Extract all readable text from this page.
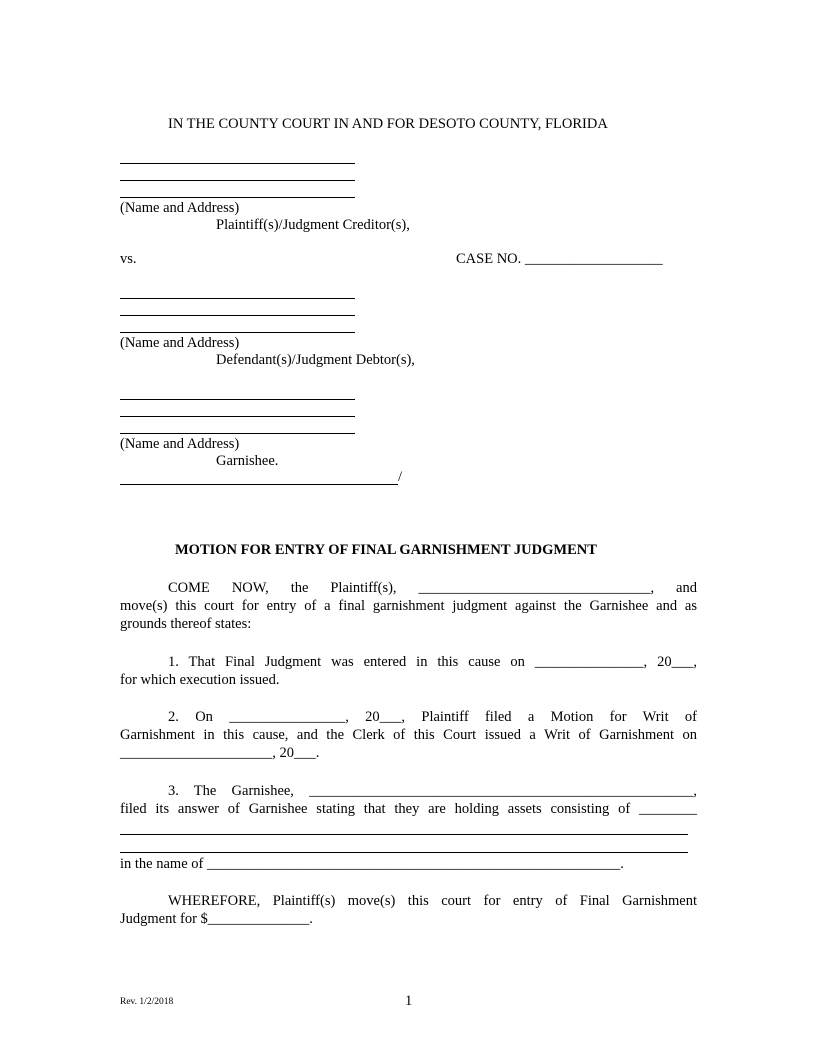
IN THE COUNTY COURT IN AND FOR DESOTO COUNTY, FLORIDA
(Name and Address)
Plaintiff(s)/Judgment Creditor(s),
vs.	CASE NO. ___________________
(Name and Address)
Defendant(s)/Judgment Debtor(s),
(Name and Address)
Garnishee.
/
MOTION FOR ENTRY OF FINAL GARNISHMENT JUDGMENT
COME NOW, the Plaintiff(s), ________________________________, and
move(s) this court for entry of a final garnishment judgment against the Garnishee and as
grounds thereof states:
1. That Final Judgment was entered in this cause on _______________, 20___,
for which execution issued.
2. On ________________, 20___, Plaintiff filed a Motion for Writ of
Garnishment in this cause, and the Clerk of this Court issued a Writ of Garnishment on
_____________________, 20___.
3. The Garnishee, _____________________________________________________,
filed its answer of Garnishee stating that they are holding assets consisting of ________
in the name of _________________________________________________________.
WHEREFORE, Plaintiff(s) move(s) this court for entry of Final Garnishment
Judgment for $______________.
Rev. 1/2/2018	1
